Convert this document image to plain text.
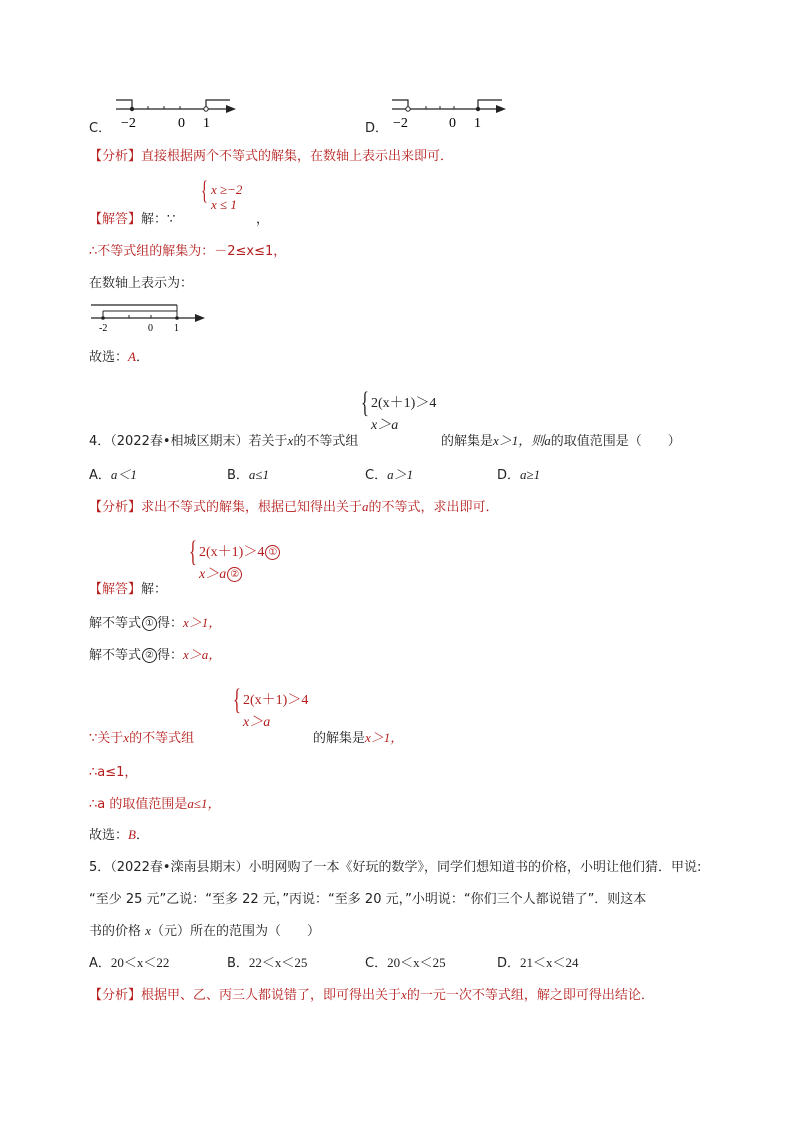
C． −2	0 1	D． −2	0 1
【分析】直接根据两个不等式的解集，在数轴上表示出来即可．
{ x ≥−2
x ≤ 1
【解答】解：∵	，
∴不等式组的解集为：－2≤x≤1，
在数轴上表示为：
-2	0 1
故选：A．
{ 2(x＋1)＞4
x＞a
4．（2022春•相城区期末）若关于x的不等式组	的解集是x＞1，则a的取值范围是（　　）
A．a＜1	B．a≤1	C．a＞1	D．a≥1
【分析】求出不等式的解集，根据已知得出关于a的不等式，求出即可．
{ 2(x＋1)＞4 ①
x＞a ②
【解答】解：
解不等式 ① 得：x＞1，
解不等式 ② 得：x＞a，
{ 2(x＋1)＞4
x＞a
∵关于x的不等式组	的解集是x＞1，
∴a≤1，
∴a 的取值范围是a≤1，
故选：B．
5．（2022春•滦南县期末）小明网购了一本《好玩的数学》，同学们想知道书的价格，小明让他们猜．甲说:
“至少 25 元”乙说：“至多 22 元，”丙说：“至多 20 元，”小明说：“你们三个人都说错了”．则这本
书的价格 x（元）所在的范围为（　　）
A．20＜x＜22	B．22＜x＜25	C．20＜x＜25	D．21＜x＜24
【分析】根据甲、乙、丙三人都说错了，即可得出关于x的一元一次不等式组，解之即可得出结论．
